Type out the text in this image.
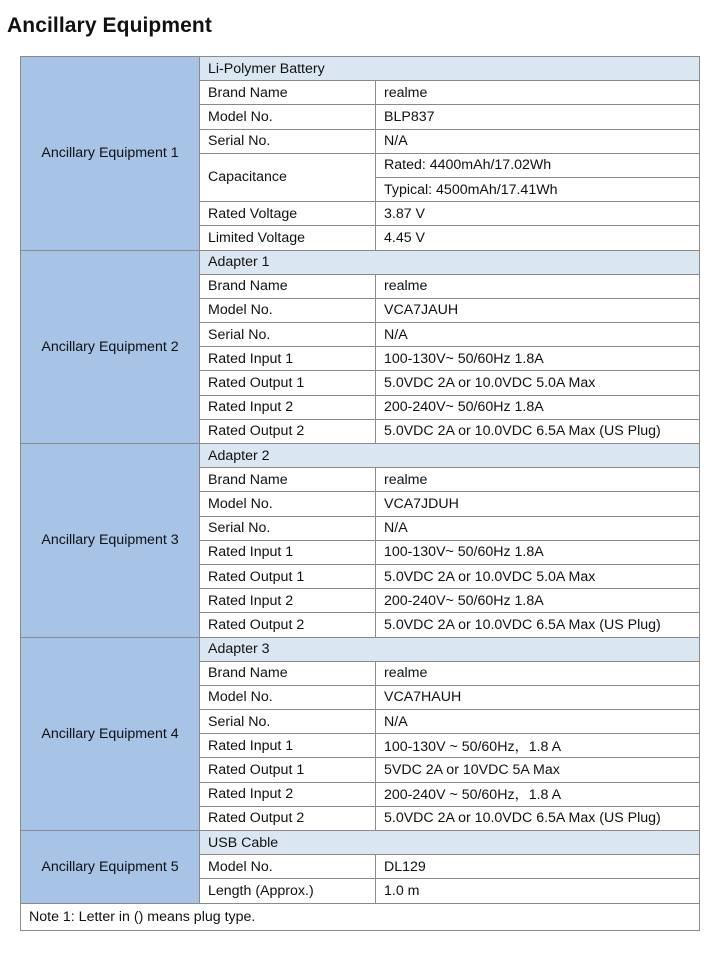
Ancillary Equipment
Ancillary Equipment 1	Li-Polymer Battery	
	Brand Name	realme
	Model No.	BLP837
	Serial No.	N/A
	Capacitance	Rated: 4400mAh/17.02Wh
		Typical: 4500mAh/17.41Wh
	Rated Voltage	3.87 V
	Limited Voltage	4.45 V

Ancillary Equipment 2	Adapter 1	
	Brand Name	realme
	Model No.	VCA7JAUH
	Serial No.	N/A
	Rated Input 1	100-130V~ 50/60Hz 1.8A
	Rated Output 1	5.0VDC 2A or 10.0VDC 5.0A Max
	Rated Input 2	200-240V~ 50/60Hz 1.8A
	Rated Output 2	5.0VDC 2A or 10.0VDC 6.5A Max (US Plug)
Ancillary Equipment 3	Adapter 2	
	Brand Name	realme
	Model No.	VCA7JDUH
	Serial No.	N/A
	Rated Input 1	100-130V~ 50/60Hz 1.8A
	Rated Output 1	5.0VDC 2A or 10.0VDC 5.0A Max
	Rated Input 2	200-240V~ 50/60Hz 1.8A
	Rated Output 2	5.0VDC 2A or 10.0VDC 6.5A Max (US Plug)
Ancillary Equipment 4	Adapter 3	
	Brand Name	realme
	Model No.	VCA7HAUH
	Serial No.	N/A
	Rated Input 1	100-130V ~ 50/60Hz，1.8 A
	Rated Output 1	5VDC 2A or 10VDC 5A Max
	Rated Input 2	200-240V ~ 50/60Hz，1.8 A
	Rated Output 2	5.0VDC 2A or 10.0VDC 6.5A Max (US Plug)
Ancillary Equipment 5	USB Cable	
	Model No.	DL129
	Length (Approx.)	1.0 m
Note 1: Letter in () means plug type.		
